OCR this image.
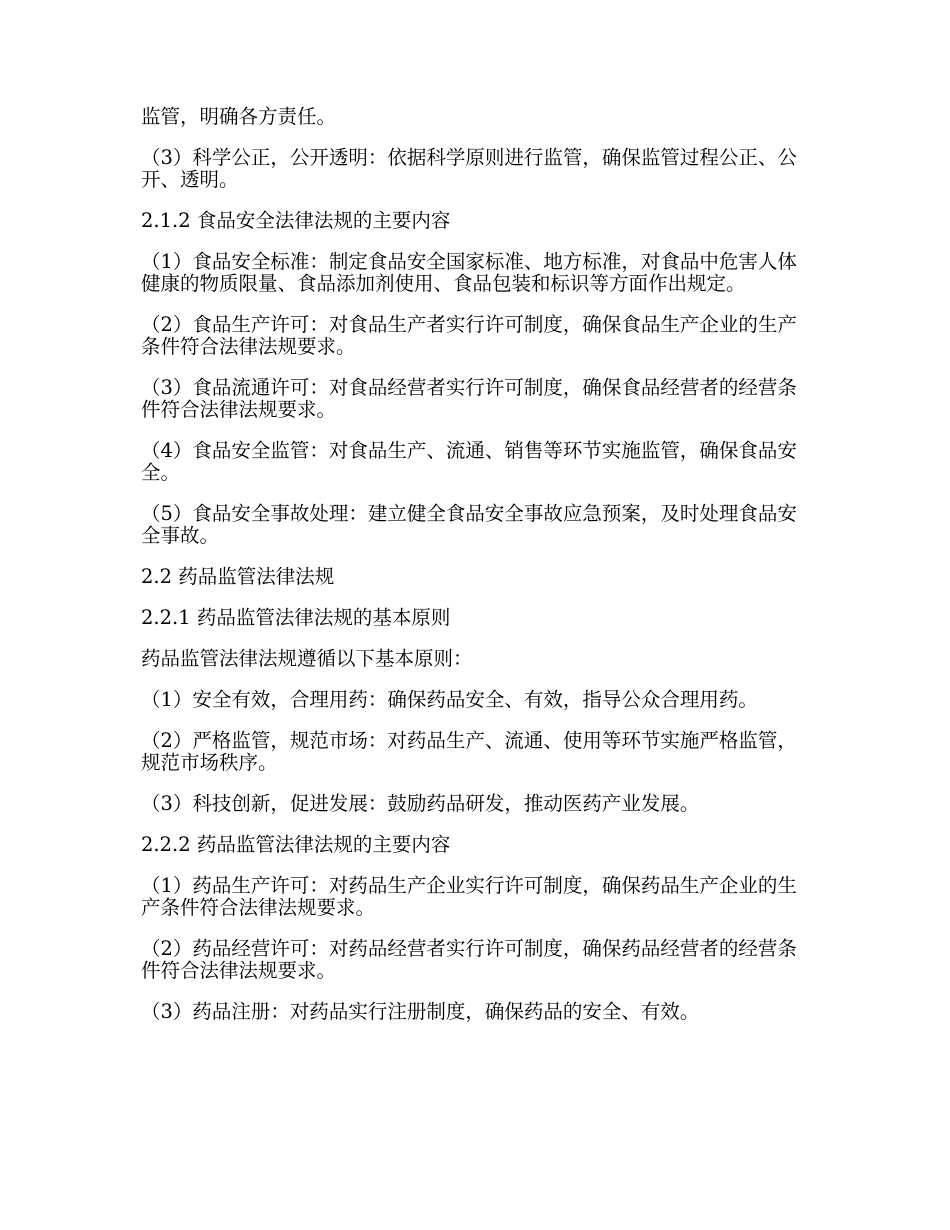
监管，明确各方责任。

（3）科学公正，公开透明：依据科学原则进行监管，确保监管过程公正、公开、透明。

2.1.2 食品安全法律法规的主要内容

（1）食品安全标准：制定食品安全国家标准、地方标准，对食品中危害人体健康的物质限量、食品添加剂使用、食品包装和标识等方面作出规定。

（2）食品生产许可：对食品生产者实行许可制度，确保食品生产企业的生产条件符合法律法规要求。

（3）食品流通许可：对食品经营者实行许可制度，确保食品经营者的经营条件符合法律法规要求。

（4）食品安全监管：对食品生产、流通、销售等环节实施监管，确保食品安全。

（5）食品安全事故处理：建立健全食品安全事故应急预案，及时处理食品安全事故。

2.2 药品监管法律法规

2.2.1 药品监管法律法规的基本原则

药品监管法律法规遵循以下基本原则：

（1）安全有效，合理用药：确保药品安全、有效，指导公众合理用药。

（2）严格监管，规范市场：对药品生产、流通、使用等环节实施严格监管，规范市场秩序。

（3）科技创新，促进发展：鼓励药品研发，推动医药产业发展。

2.2.2 药品监管法律法规的主要内容

（1）药品生产许可：对药品生产企业实行许可制度，确保药品生产企业的生产条件符合法律法规要求。

（2）药品经营许可：对药品经营者实行许可制度，确保药品经营者的经营条件符合法律法规要求。

（3）药品注册：对药品实行注册制度，确保药品的安全、有效。
